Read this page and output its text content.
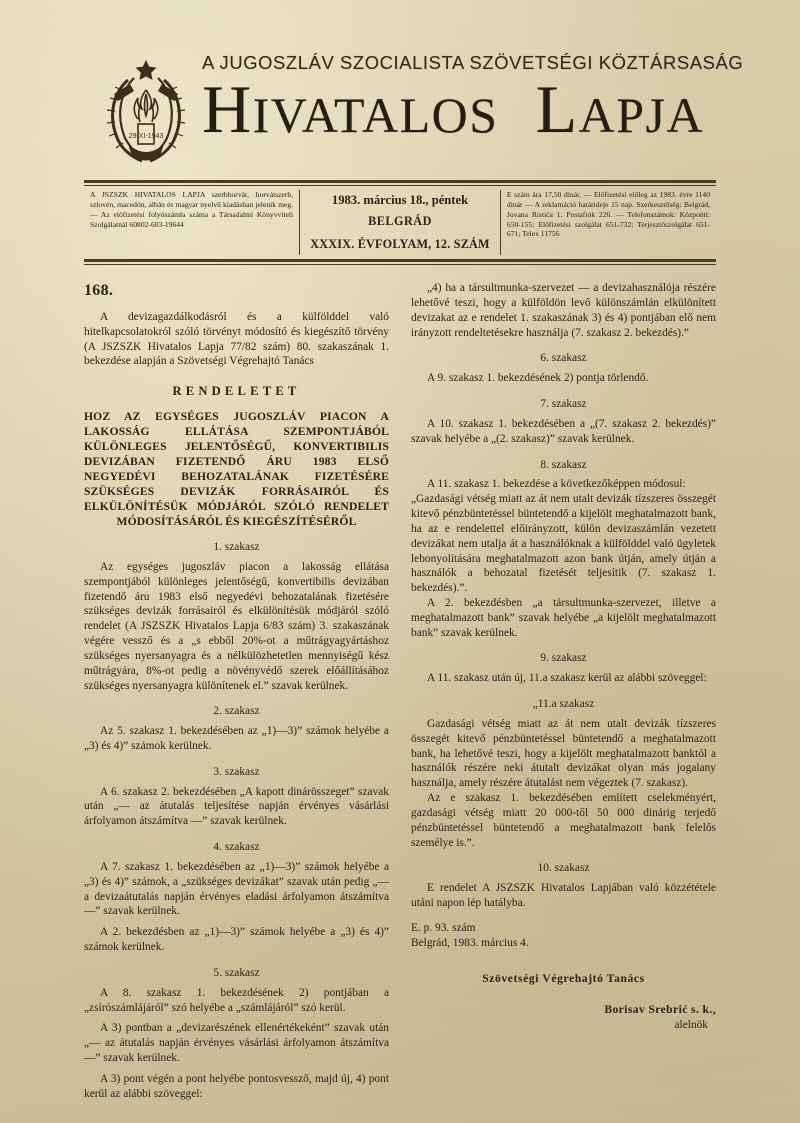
29-XI-1943
A JUGOSZLÁV SZOCIALISTA SZÖVETSÉGI KÖZTÁRSASÁG
HIVATALOS LAPJA
A JSZSZK HIVATALOS LAPJA szerbhorvát, horvátszerb, szlovén, macedón, albán és magyar nyelvű kiadásban jelenik meg. — Az előfizetési folyószámla száma a Társadalmi Könyvviteli Szolgálatnál 60802-603-19644
1983. március 18., péntek
BELGRÁD
XXXIX. ÉVFOLYAM, 12. SZÁM
E szám ára 17,50 dinár. — Előfizetési előleg az 1983. évre 1140 dinár — A reklamáció határideje 15 nap. Szerkesztőség: Belgrád, Jovana Ristića 1. Postafiók 226. — Telefonszámok: Központi: 650-155; Előfizetési szolgálat 651-732; Terjesztőszolgálat 651-671; Telex 11756
168.

A devizagazdálkodásról és a külfölddel való hitelkapcsolatokról szóló törvényt módosító és kiegészítő törvény (A JSZSZK Hivatalos Lapja 77/82 szám) 80. szakaszának 1. bekezdése alapján a Szövetségi Végrehajtó Tanács

RENDELETET
HOZ AZ EGYSÉGES JUGOSZLÁV PIACON A LAKOSSÁG ELLÁTÁSA SZEMPONTJÁBÓL KÜLÖNLEGES JELENTŐSÉGŰ, KONVERTIBILIS DEVIZÁBAN FIZETENDŐ ÁRU 1983 ELSŐ NEGYEDÉVI BEHOZATALÁNAK FIZETÉSÉRE SZÜKSÉGES DEVIZÁK FORRÁSAIRÓL ÉS ELKÜLÖNÍTÉSÜK MÓDJÁRÓL SZÓLÓ RENDELET MÓDOSÍTÁSÁRÓL ÉS KIEGÉSZÍTÉSÉRŐL
1. szakasz

Az egységes jugoszláv piacon a lakosság ellátása szempontjából különleges jelentőségű, konvertibilis devizában fizetendő áru 1983 első negyedévi behozatalának fizetésére szükséges devizák forrásairól és elkülönítésük módjáról szóló rendelet (A JSZSZK Hivatalos Lapja 6/83 szám) 3. szakaszának végére vessző és a „s ebből 20%-ot a műtrágyagyártáshoz szükséges nyersanyagra és a nélkülözhetetlen mennyiségű kész műtrágyára, 8%-ot pedig a növényvédő szerek előállításához szükséges nyersanyagra különítenek el.” szavak kerülnek.

2. szakasz

Az 5. szakasz 1. bekezdésében az „1)—3)” számok helyébe a „3) és 4)” számok kerülnek.

3. szakasz

A 6. szakasz 2. bekezdésében „A kapott dinárösszeget” szavak után „— az átutalás teljesítése napján érvényes vásárlási árfolyamon átszámítva —” szavak kerülnek.

4. szakasz

A 7. szakasz 1. bekezdésében az „1)—3)” számok helyébe a „3) és 4)” számok, a „szükséges devizákat” szavak után pedig „— a devizaátutalás napján érvényes eladási árfolyamon átszámítva —” szavak kerülnek.

A 2. bekezdésben az „1)—3)” számok helyébe a „3) és 4)” számok kerülnek.

5. szakasz

A 8. szakasz 1. bekezdésének 2) pontjában a „zsírószámlájáról” szó helyébe a „számlájáról” szó kerül.

A 3) pontban a „devizarészének ellenértékeként” szavak után „— az átutalás napján érvényes vásárlási árfolyamon átszámítva —” szavak kerülnek.

A 3) pont végén a pont helyébe pontosvessző, majd új, 4) pont kerül az alábbi szöveggel:

„4) ha a társultmunka-szervezet — a devizahasználója részére lehetővé teszi, hogy a külföldön levő különszámlán elkülönített devizakat az e rendelet 1. szakaszának 3) és 4) pontjában elő nem irányzott rendeltetésekre használja (7. szakasz 2. bekezdés).”

6. szakasz

A 9. szakasz 1. bekezdésének 2) pontja törlendő.

7. szakasz

A 10. szakasz 1. bekezdésében a „(7. szakasz 2. bekezdés)” szavak helyébe a „(2. szakasz)” szavak kerülnek.

8. szakasz

A 11. szakasz 1. bekezdése a következőképpen módosul:

„Gazdasági vétség miatt az át nem utalt devizák tízszeres összegét kitevő pénzbüntetéssel büntetendő a kijelölt meghatalmazott bank, ha az e rendelettel előirányzott, külön devizaszámlán vezetett devizákat nem utalja át a használóknak a külfölddel való ügyletek lebonyolítására meghatalmazott azon bank útján, amely útján a használók a behozatal fizetését teljesítik (7. szakasz 1. bekezdés).”.

A 2. bekezdésben „a társultmunka-szervezet, illetve a meghatalmazott bank” szavak helyébe „a kijelölt meghatalmazott bank” szavak kerülnek.

9. szakasz

A 11. szakasz után új, 11.a szakasz kerül az alábbi szöveggel:

„11.a szakasz

Gazdasági vétség miatt az át nem utalt devizák tízszeres összegét kitevő pénzbüntetéssel büntetendő a meghatalmazott bank, ha lehetővé teszi, hogy a kijelölt meghatalmazott banktól a használók részére neki átutalt devizákat olyan más jogalany használja, amely részére átutalást nem végeztek (7. szakasz).

Az e szakasz 1. bekezdésében említett cselekményért, gazdasági vétség miatt 20 000-től 50 000 dinárig terjedő pénzbüntetéssel büntetendő a meghatalmazott bank felelős személye is.”.

10. szakasz

E rendelet A JSZSZK Hivatalos Lapjában való közzététele utáni napon lép hatályba.

E. p. 93. szám

Belgrád, 1983. március 4.

Szövetségi Végrehajtó Tanács
Borisav Srebrić s. k.,
alelnök
